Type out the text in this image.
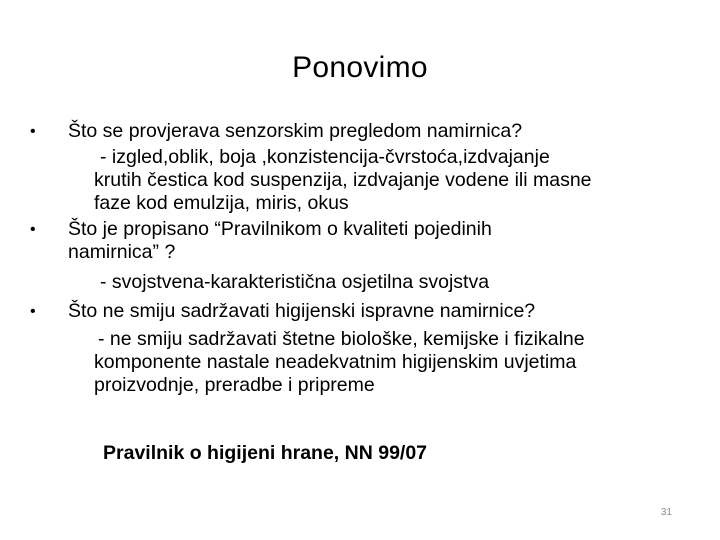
Ponovimo
•	Što se provjerava senzorskim pregledom namirnica?
- izgled,oblik, boja ,konzistencija-čvrstoća,izdvajanje
krutih čestica kod suspenzija, izdvajanje vodene ili masne
faze kod emulzija, miris, okus
•	Što je propisano “Pravilnikom o kvaliteti pojedinih
namirnica” ?
- svojstvena-karakteristična osjetilna svojstva
•	Što ne smiju sadržavati higijenski ispravne namirnice?
- ne smiju sadržavati štetne biološke, kemijske i fizikalne
komponente nastale neadekvatnim higijenskim uvjetima
proizvodnje, preradbe i pripreme
Pravilnik o higijeni hrane, NN 99/07
31
